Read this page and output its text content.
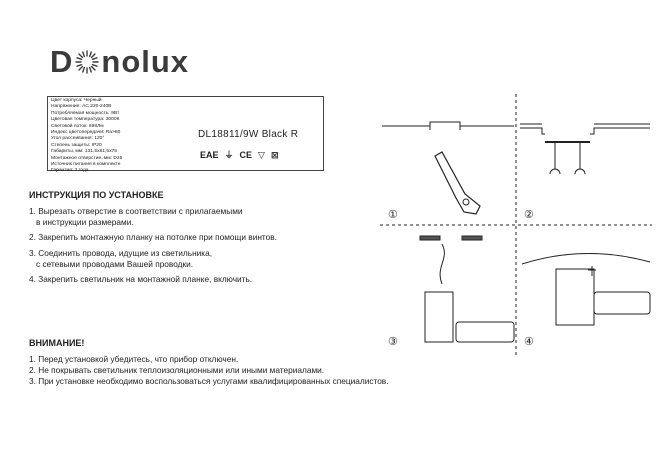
D nolux
Цвет корпуса: Черный
Напряжение: AC 220-240В
Потребляемая мощность: 9Вт
Цветовая температура: 3000К
Световой поток: 698Лм
Индекс цветопередачи: Ra>80
Угол рассеивания: 120°
Степень защиты: IP20
Габариты, мм: 131,5х81,5х75
Монтажное отверстие, мм: D25
Источник питания в комплекте
Гарантия: 2 года
DL18811/9W Black R
ЕАЕ ⏚ CE ▽ ⊠
ИНСТРУКЦИЯ ПО УСТАНОВКЕ
1. Вырезать отверстие в соответствии с прилагаемыми
в инструкции размерами.
2. Закрепить монтажную планку на потолке при помощи винтов.
3. Соединить провода, идущие из светильника,
с сетевыми проводами Вашей проводки.
4. Закрепить светильник на монтажной планке, включить.
ВНИМАНИЕ!
1. Перед установкой убедитесь, что прибор отключен.
2. Не покрывать светильник теплоизоляционными или иными материалами.
3. При установке необходимо воспользоваться услугами квалифицированных специалистов.
①	②
③	④
